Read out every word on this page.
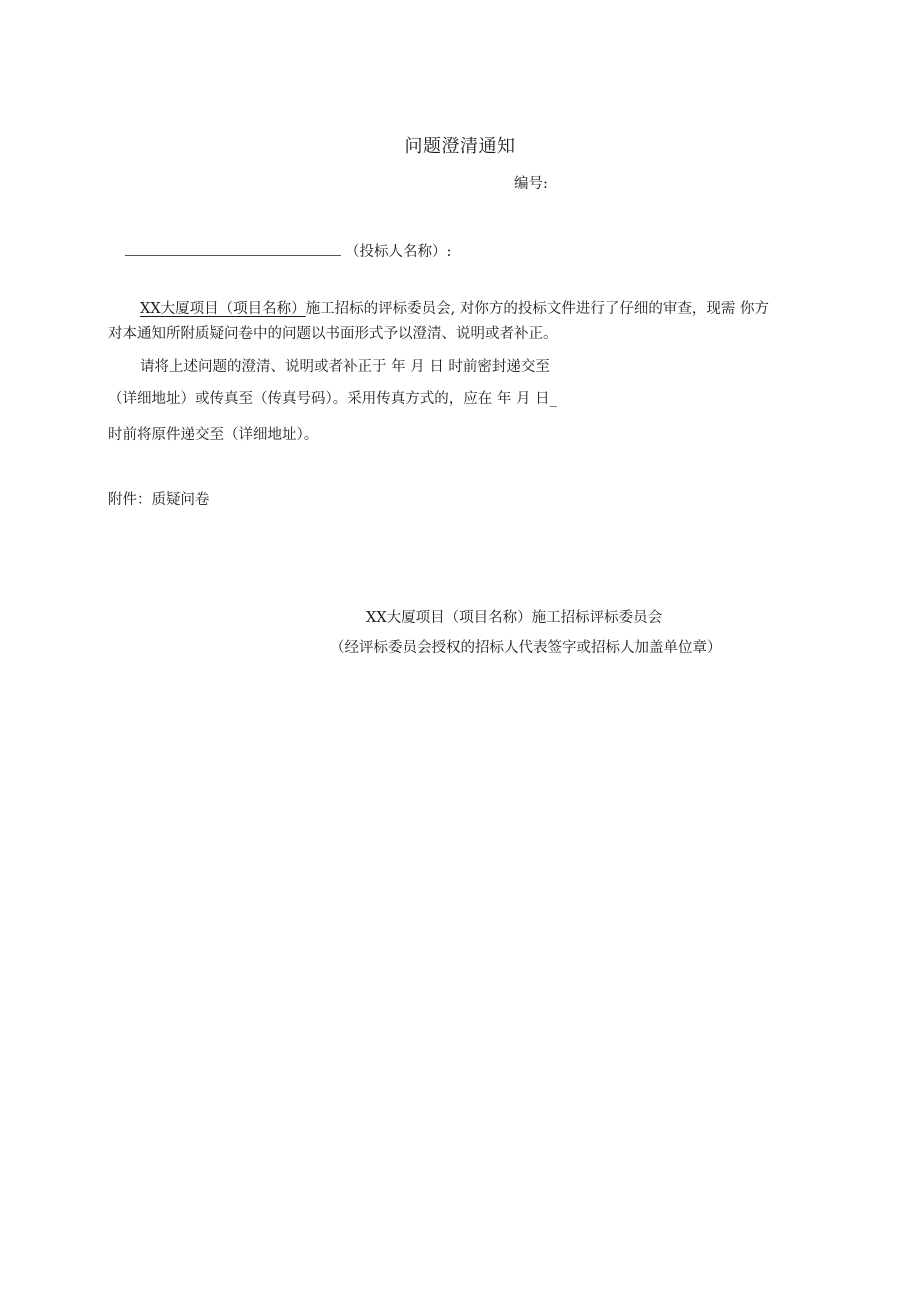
问题澄清通知
编号:
（投标人名称）:
XX大厦项目（项目名称）施工招标的评标委员会, 对你方的投标文件进行了仔细的审查，现需 你方
对本通知所附质疑问卷中的问题以书面形式予以澄清、说明或者补正。
请将上述问题的澄清、说明或者补正于 年 月 日 时前密封递交至
（详细地址）或传真至（传真号码）。采用传真方式的，应在 年 月 日_
时前将原件递交至（详细地址）。
附件：质疑问卷
XX大厦项目（项目名称）施工招标评标委员会
（经评标委员会授权的招标人代表签字或招标人加盖单位章）
